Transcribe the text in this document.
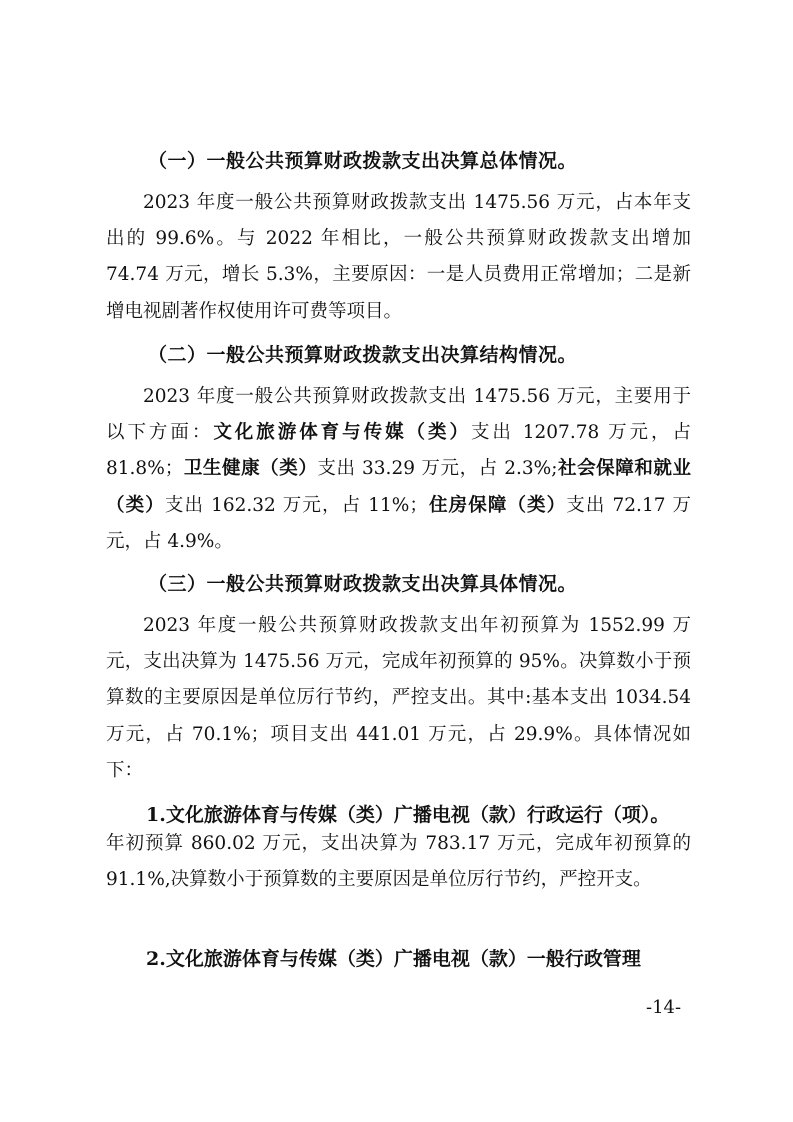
（一）一般公共预算财政拨款支出决算总体情况。

2023 年度一般公共预算财政拨款支出 1475.56 万元，占本年支出的 99.6%。与 2022 年相比，一般公共预算财政拨款支出增加 74.74 万元，增长 5.3%，主要原因：一是人员费用正常增加；二是新增电视剧著作权使用许可费等项目。

（二）一般公共预算财政拨款支出决算结构情况。

2023 年度一般公共预算财政拨款支出 1475.56 万元，主要用于以下方面：文化旅游体育与传媒（类）支出 1207.78 万元，占 81.8%；卫生健康（类）支出 33.29 万元，占 2.3%;社会保障和就业（类）支出 162.32 万元，占 11%；住房保障（类）支出 72.17 万元，占 4.9%。

（三）一般公共预算财政拨款支出决算具体情况。

2023 年度一般公共预算财政拨款支出年初预算为 1552.99 万元，支出决算为 1475.56 万元，完成年初预算的 95%。决算数小于预算数的主要原因是单位厉行节约，严控支出。其中:基本支出 1034.54 万元，占 70.1%；项目支出 441.01 万元，占 29.9%。具体情况如下：

1.文化旅游体育与传媒（类）广播电视（款）行政运行（项）。

年初预算 860.02 万元，支出决算为 783.17 万元，完成年初预算的 91.1%,决算数小于预算数的主要原因是单位厉行节约，严控开支。

2.文化旅游体育与传媒（类）广播电视（款）一般行政管理
-14-
